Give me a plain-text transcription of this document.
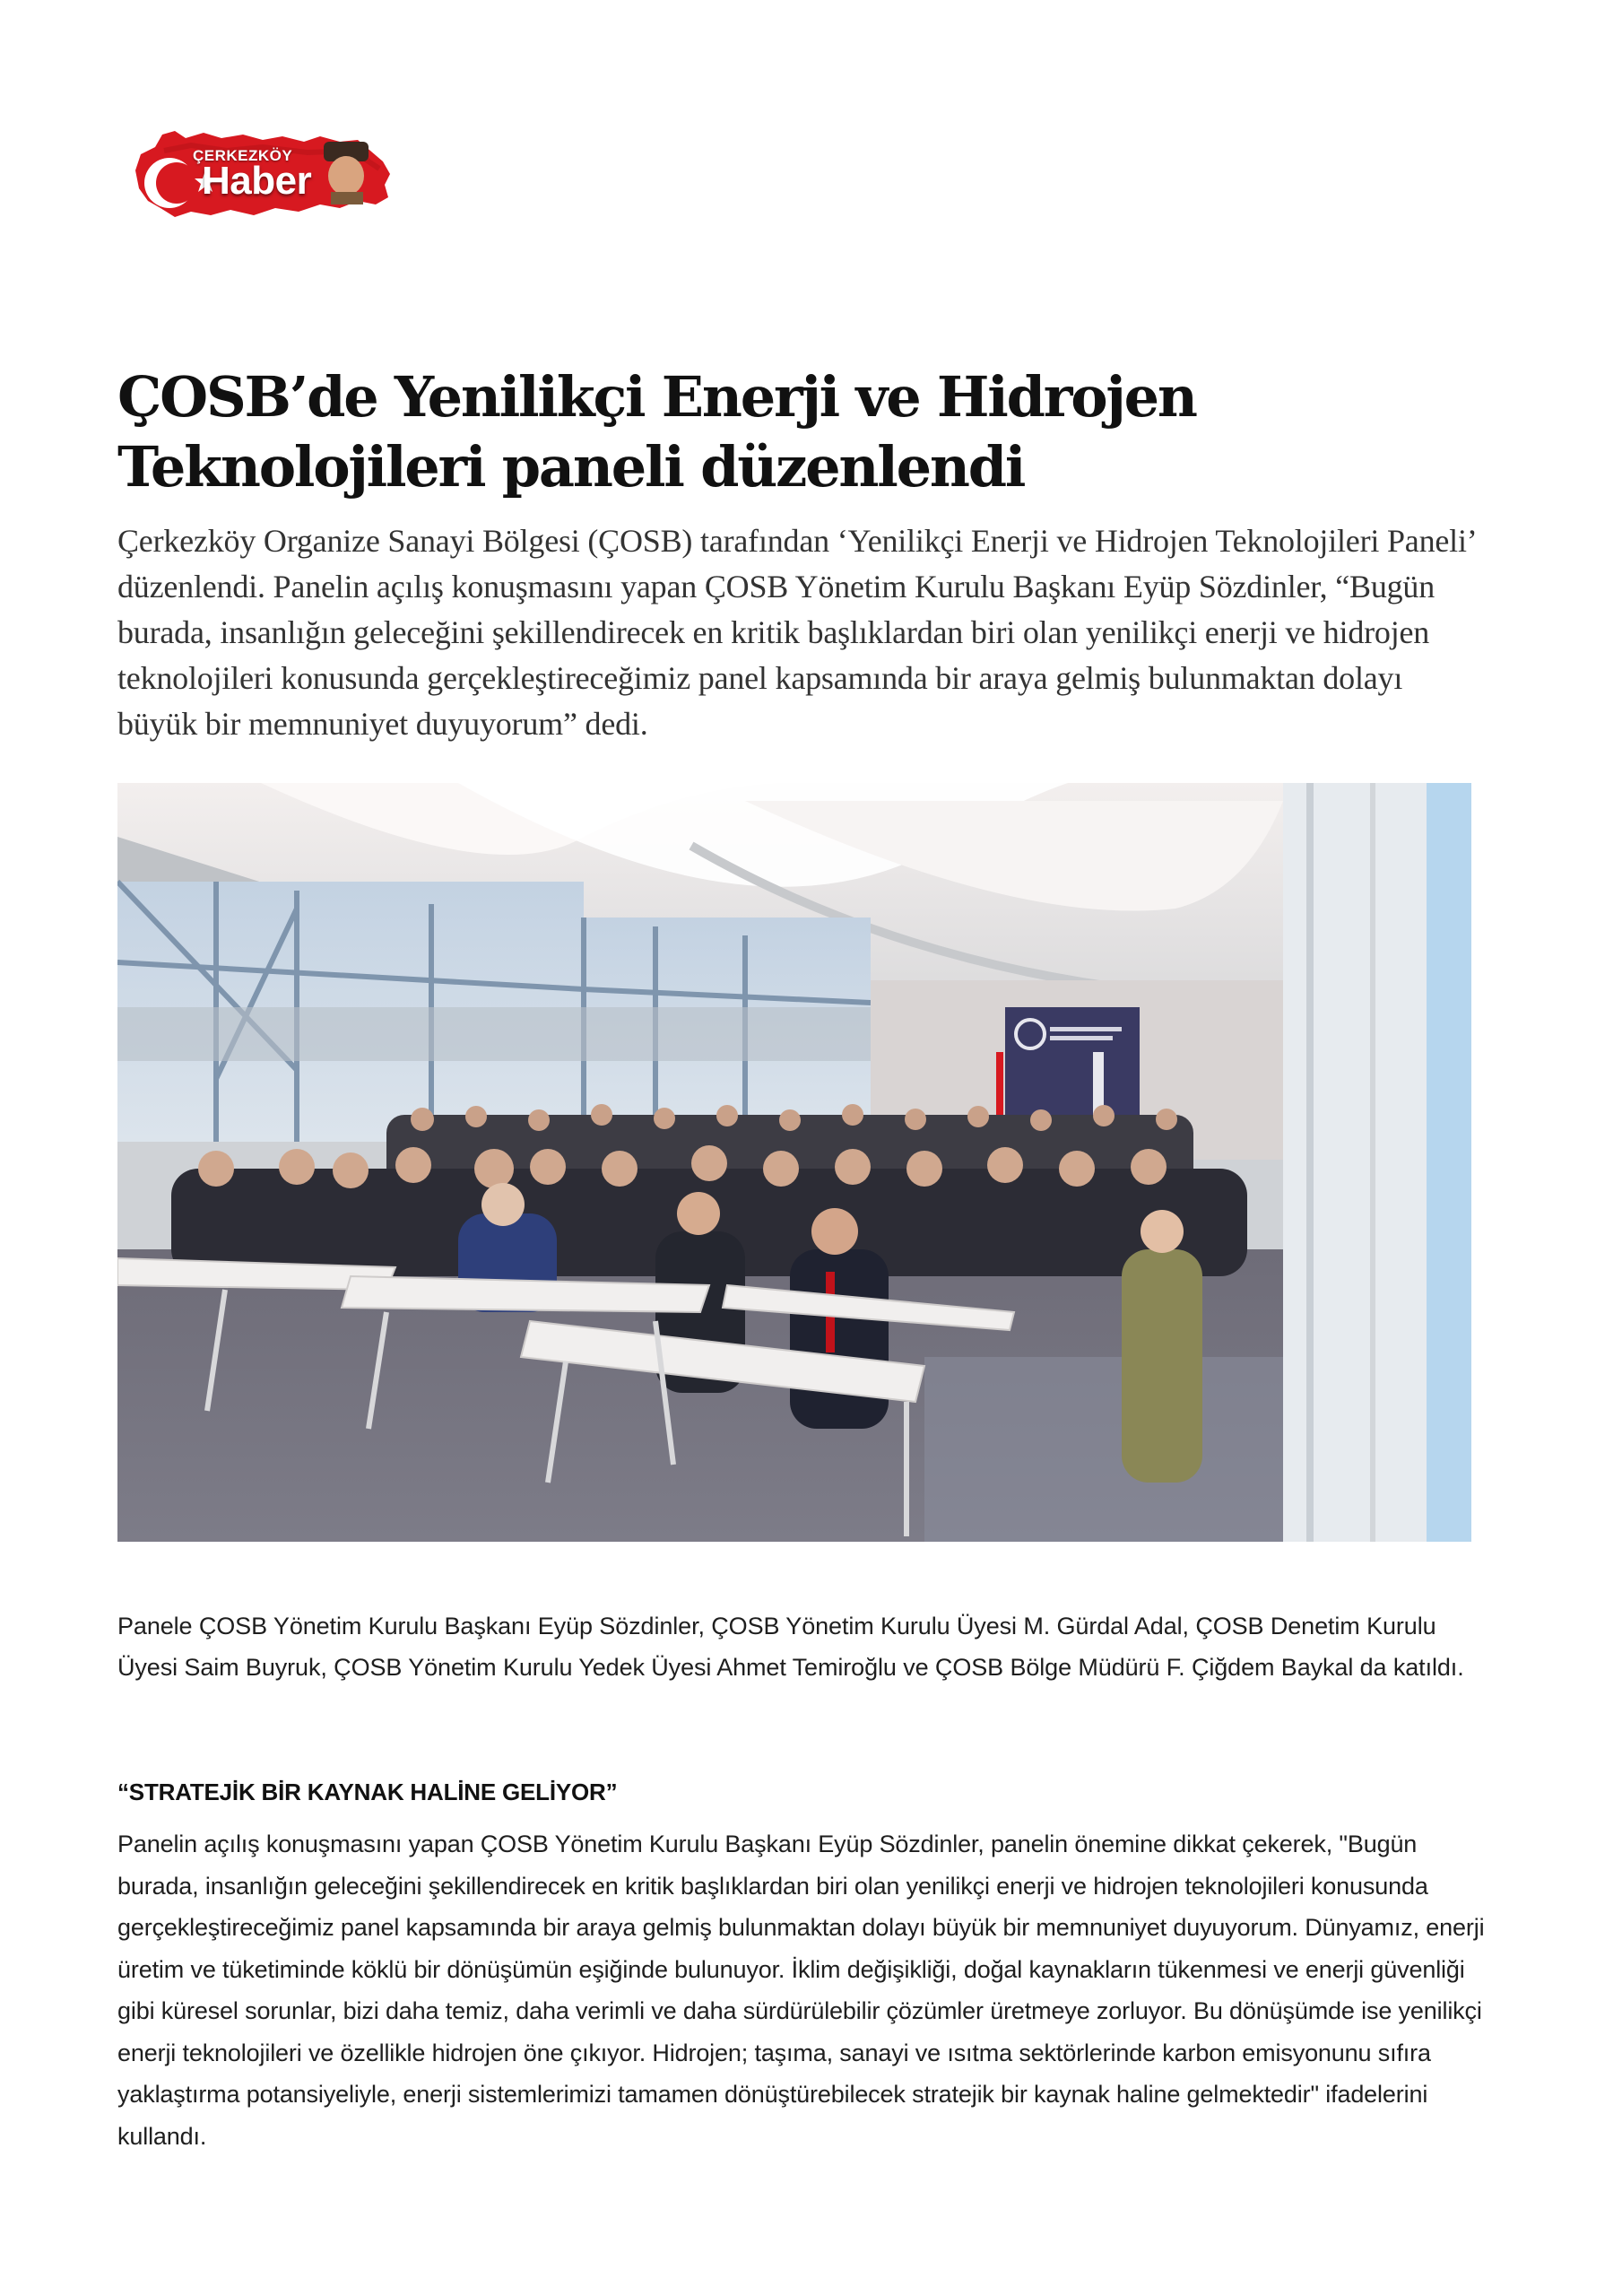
ÇERKEZKÖY
Haber
ÇOSB’de Yenilikçi Enerji ve Hidrojen Teknolojileri paneli düzenlendi

Çerkezköy Organize Sanayi Bölgesi (ÇOSB) tarafından ‘Yenilikçi Enerji ve Hidrojen Teknolojileri Paneli’ düzenlendi. Panelin açılış konuşmasını yapan ÇOSB Yönetim Kurulu Başkanı Eyüp Sözdinler, “Bugün burada, insanlığın geleceğini şekillendirecek en kritik başlıklardan biri olan yenilikçi enerji ve hidrojen teknolojileri konusunda gerçekleştireceğimiz panel kapsamında bir araya gelmiş bulunmaktan dolayı büyük bir memnuniyet duyuyorum” dedi.

Panele ÇOSB Yönetim Kurulu Başkanı Eyüp Sözdinler, ÇOSB Yönetim Kurulu Üyesi M. Gürdal Adal, ÇOSB Denetim Kurulu Üyesi Saim Buyruk, ÇOSB Yönetim Kurulu Yedek Üyesi Ahmet Temiroğlu ve ÇOSB Bölge Müdürü F. Çiğdem Baykal da katıldı.

“STRATEJİK BİR KAYNAK HALİNE GELİYOR”

Panelin açılış konuşmasını yapan ÇOSB Yönetim Kurulu Başkanı Eyüp Sözdinler, panelin önemine dikkat çekerek, "Bugün burada, insanlığın geleceğini şekillendirecek en kritik başlıklardan biri olan yenilikçi enerji ve hidrojen teknolojileri konusunda gerçekleştireceğimiz panel kapsamında bir araya gelmiş bulunmaktan dolayı büyük bir memnuniyet duyuyorum. Dünyamız, enerji üretim ve tüketiminde köklü bir dönüşümün eşiğinde bulunuyor. İklim değişikliği, doğal kaynakların tükenmesi ve enerji güvenliği gibi küresel sorunlar, bizi daha temiz, daha verimli ve daha sürdürülebilir çözümler üretmeye zorluyor. Bu dönüşümde ise yenilikçi enerji teknolojileri ve özellikle hidrojen öne çıkıyor. Hidrojen; taşıma, sanayi ve ısıtma sektörlerinde karbon emisyonunu sıfıra yaklaştırma potansiyeliyle, enerji sistemlerimizi tamamen dönüştürebilecek stratejik bir kaynak haline gelmektedir" ifadelerini kullandı.
